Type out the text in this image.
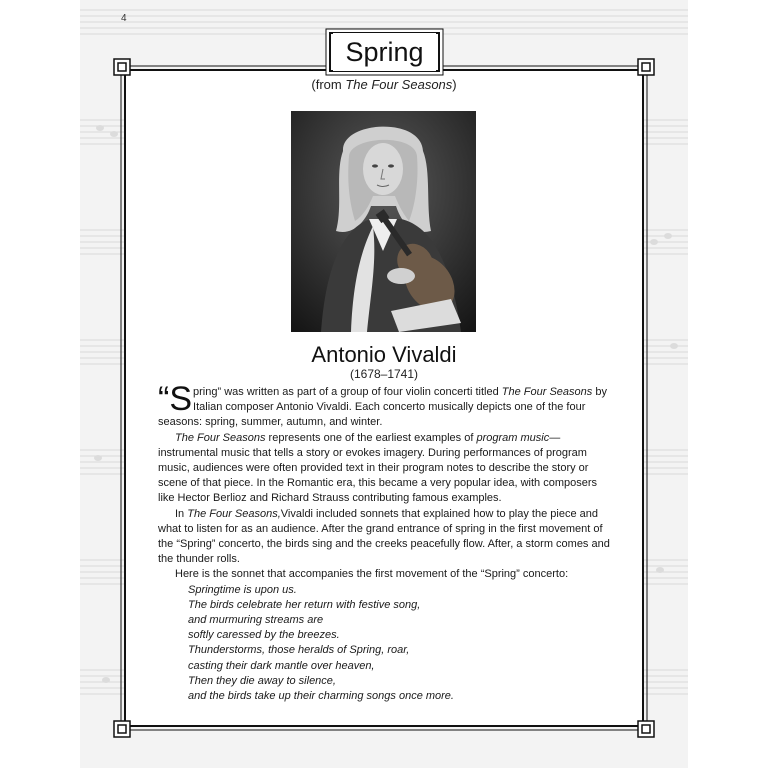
4
Spring
(from The Four Seasons)
Antonio Vivaldi
(1678–1741)

“S pring” was written as part of a group of four violin concerti titled The Four Seasons by Italian composer Antonio Vivaldi. Each concerto musically depicts one of the four seasons: spring, summer, autumn, and winter.

The Four Seasons represents one of the earliest examples of program music—instrumental music that tells a story or evokes imagery. During performances of program music, audiences were often provided text in their program notes to describe the story or scene of that piece. In the Romantic era, this became a very popular idea, with composers like Hector Berlioz and Richard Strauss contributing famous examples.

In The Four Seasons,Vivaldi included sonnets that explained how to play the piece and what to listen for as an audience. After the grand entrance of spring in the first movement of the “Spring” concerto, the birds sing and the creeks peacefully flow. After, a storm comes and the thunder rolls.

Here is the sonnet that accompanies the first movement of the “Spring” concerto:

Springtime is upon us.
The birds celebrate her return with festive song,
and murmuring streams are
softly caressed by the breezes.
Thunderstorms, those heralds of Spring, roar,
casting their dark mantle over heaven,
Then they die away to silence,
and the birds take up their charming songs once more.
